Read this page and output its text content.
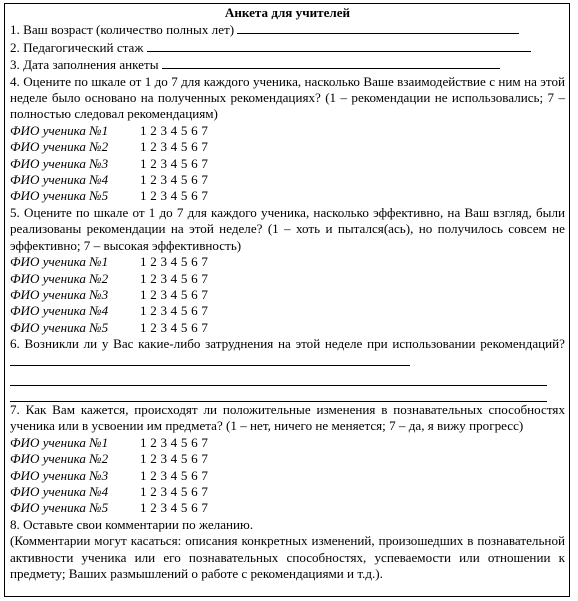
Анкета для учителей
1. Ваш возраст (количество полных лет)
2. Педагогический стаж
3. Дата заполнения анкеты
4. Оцените по шкале от 1 до 7 для каждого ученика, насколько Ваше взаимодействие с ним на этой неделе было основано на полученных рекомендациях? (1 – рекомендации не использовались; 7 – полностью следовал рекомендациям)
ФИО ученика №1	1 2 3 4 5 6 7
ФИО ученика №2	1 2 3 4 5 6 7
ФИО ученика №3	1 2 3 4 5 6 7
ФИО ученика №4	1 2 3 4 5 6 7
ФИО ученика №5	1 2 3 4 5 6 7
5. Оцените по шкале от 1 до 7 для каждого ученика, насколько эффективно, на Ваш взгляд, были реализованы рекомендации на этой неделе? (1 – хоть и пытался(ась), но получилось совсем не эффективно; 7 – высокая эффективность)
ФИО ученика №1	1 2 3 4 5 6 7
ФИО ученика №2	1 2 3 4 5 6 7
ФИО ученика №3	1 2 3 4 5 6 7
ФИО ученика №4	1 2 3 4 5 6 7
ФИО ученика №5	1 2 3 4 5 6 7
6. Возникли ли у Вас какие-либо затруднения на этой неделе при использовании рекомендаций?
7. Как Вам кажется, происходят ли положительные изменения в познавательных способностях ученика или в усвоении им предмета? (1 – нет, ничего не меняется; 7 – да, я вижу прогресс)
ФИО ученика №1	1 2 3 4 5 6 7
ФИО ученика №2	1 2 3 4 5 6 7
ФИО ученика №3	1 2 3 4 5 6 7
ФИО ученика №4	1 2 3 4 5 6 7
ФИО ученика №5	1 2 3 4 5 6 7
8. Оставьте свои комментарии по желанию.
(Комментарии могут касаться: описания конкретных изменений, произошедших в познавательной активности ученика или его познавательных способностях, успеваемости или отношении к предмету; Ваших размышлений о работе с рекомендациями и т.д.).
